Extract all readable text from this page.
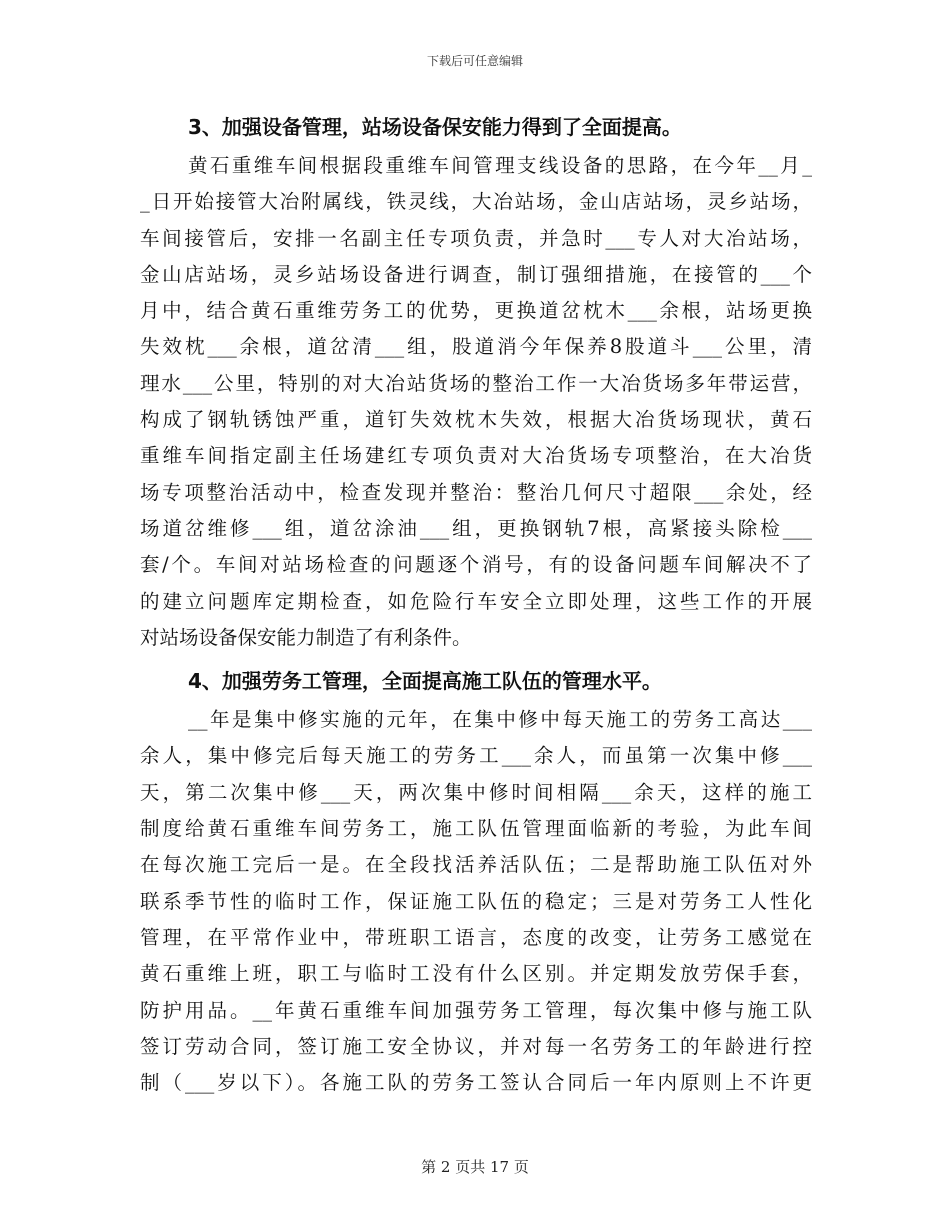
下载后可任意编辑
3、加强设备管理，站场设备保安能力得到了全面提高。
黄石重维车间根据段重维车间管理支线设备的思路，在今年__月_
_日开始接管大冶附属线，铁灵线，大冶站场，金山店站场，灵乡站场，
车间接管后，安排一名副主任专项负责，并急时___专人对大冶站场，
金山店站场，灵乡站场设备进行调查，制订强细措施，在接管的___个
月中，结合黄石重维劳务工的优势，更换道岔枕木___余根，站场更换
失效枕___余根，道岔清___组，股道消今年保养8股道斗___公里，清
理水___公里，特别的对大冶站货场的整治工作一大冶货场多年带运营，
构成了钢轨锈蚀严重，道钉失效枕木失效，根据大冶货场现状，黄石
重维车间指定副主任场建红专项负责对大冶货场专项整治，在大冶货
场专项整治活动中，检查发现并整治：整治几何尺寸超限___余处，经
场道岔维修___组，道岔涂油___组，更换钢轨7根，高紧接头除检___
套/个。车间对站场检查的问题逐个消号，有的设备问题车间解决不了
的建立问题库定期检查，如危险行车安全立即处理，这些工作的开展
对站场设备保安能力制造了有利条件。
4、加强劳务工管理，全面提高施工队伍的管理水平。
__年是集中修实施的元年，在集中修中每天施工的劳务工高达___
余人，集中修完后每天施工的劳务工___余人，而虽第一次集中修___
天，第二次集中修___天，两次集中修时间相隔___余天，这样的施工
制度给黄石重维车间劳务工，施工队伍管理面临新的考验，为此车间
在每次施工完后一是。在全段找活养活队伍；二是帮助施工队伍对外
联系季节性的临时工作，保证施工队伍的稳定；三是对劳务工人性化
管理，在平常作业中，带班职工语言，态度的改变，让劳务工感觉在
黄石重维上班，职工与临时工没有什么区别。并定期发放劳保手套，
防护用品。__年黄石重维车间加强劳务工管理，每次集中修与施工队
签订劳动合同，签订施工安全协议，并对每一名劳务工的年龄进行控
制（___岁以下）。各施工队的劳务工签认合同后一年内原则上不许更
第 2 页共 17 页
